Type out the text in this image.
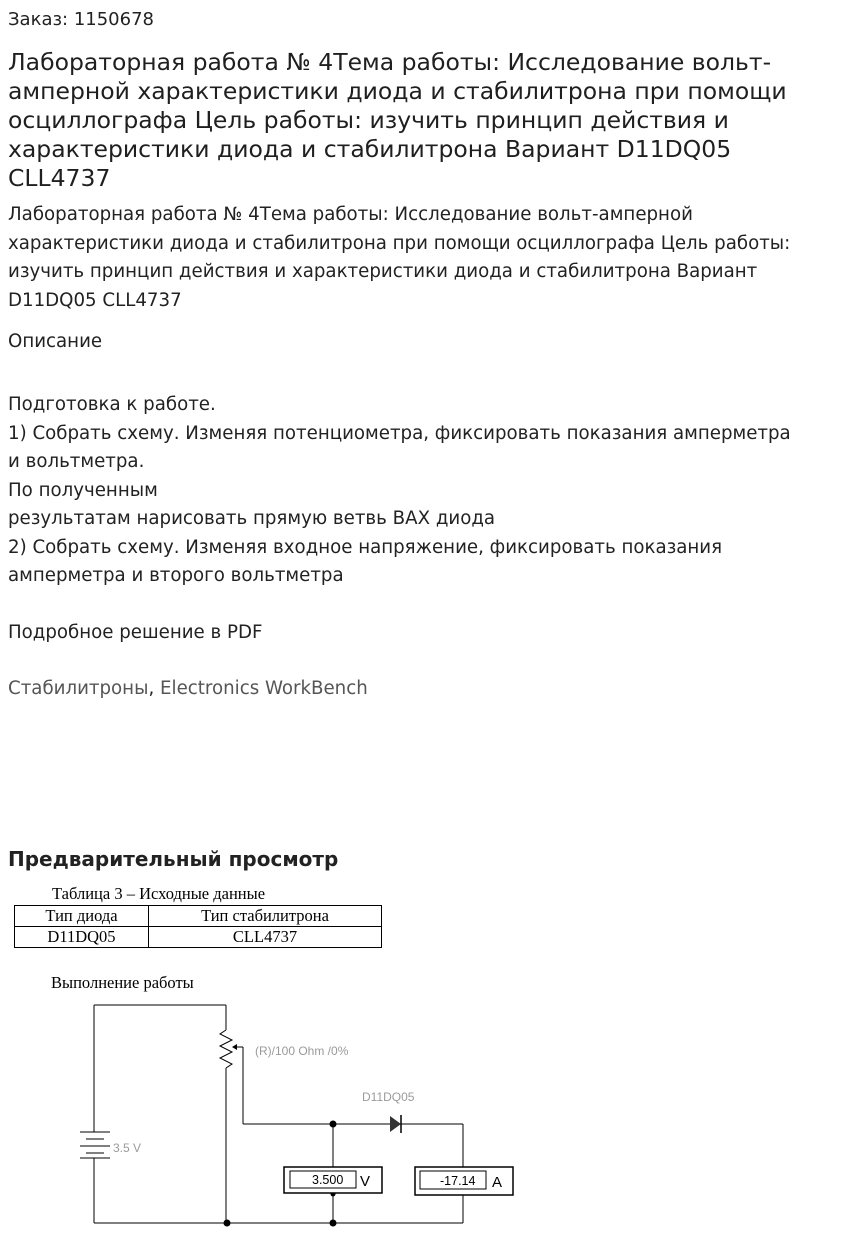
Заказ: 1150678
Лабораторная работа № 4Тема работы: Исследование вольт-амперной характеристики диода и стабилитрона при помощи осциллографа Цель работы: изучить принцип действия и характеристики диода и стабилитрона Вариант D11DQ05 CLL4737

Лабораторная работа № 4Тема работы: Исследование вольт-амперной характеристики диода и стабилитрона при помощи осциллографа Цель работы: изучить принцип действия и характеристики диода и стабилитрона Вариант D11DQ05 CLL4737

Описание
Подготовка к работе.
1) Собрать схему. Изменяя потенциометра, фиксировать показания амперметра
и вольтметра.
По полученным
результатам нарисовать прямую ветвь ВАХ диода
2) Собрать схему. Изменяя входное напряжение, фиксировать показания
амперметра и второго вольтметра
Подробное решение в PDF
Стабилитроны, Electronics WorkBench
Предварительный просмотр
Таблица 3 – Исходные данные
Тип диода	Тип стабилитрона
D11DQ05	CLL4737
Выполнение работы
(R)/100 Ohm /0%
D11DQ05
3.5 V
3.500 V	-17.14 A
